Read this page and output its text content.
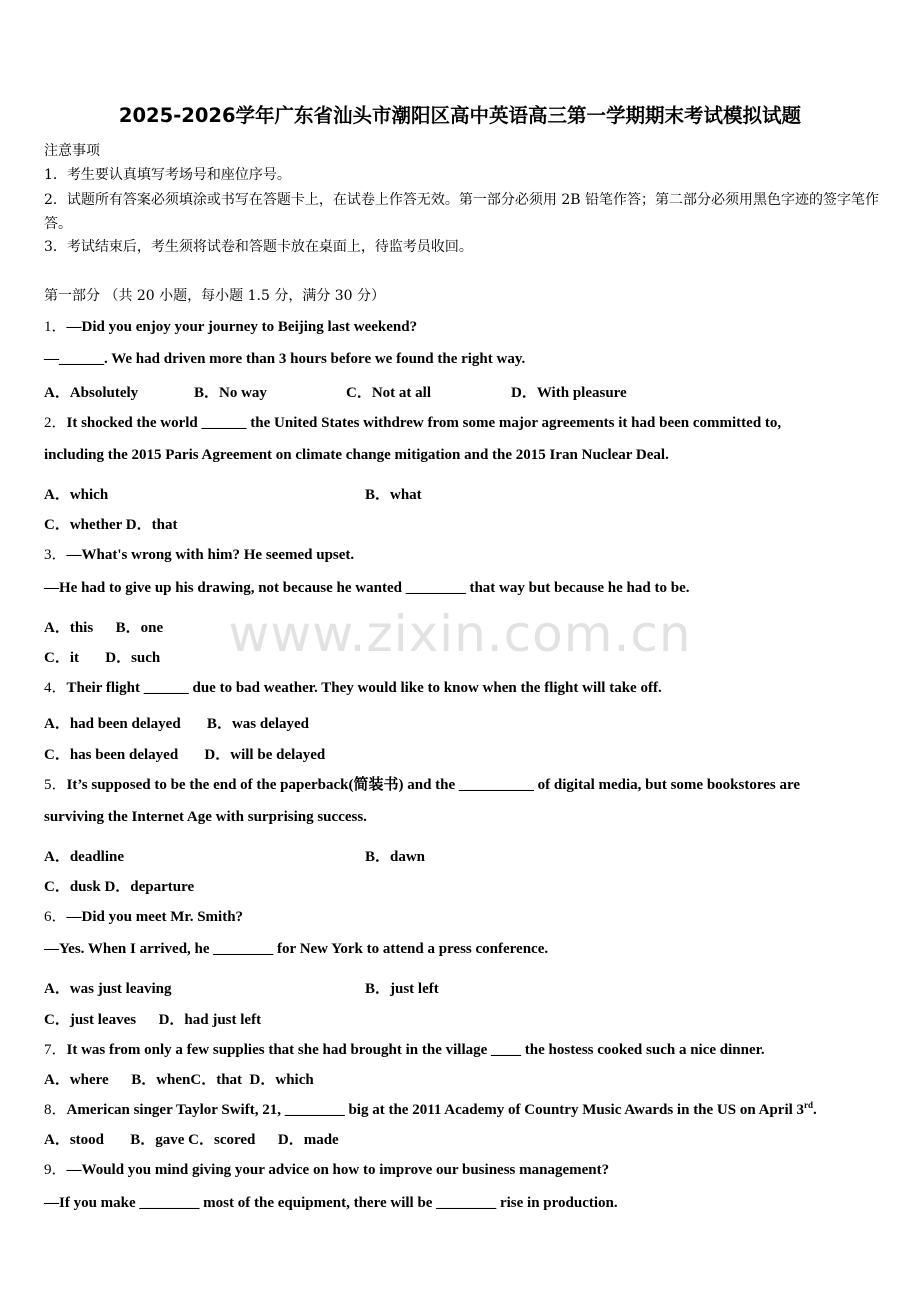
2025-2026学年广东省汕头市潮阳区高中英语高三第一学期期末考试模拟试题
注意事项
1．考生要认真填写考场号和座位序号。
2．试题所有答案必须填涂或书写在答题卡上，在试卷上作答无效。第一部分必须用 2B 铅笔作答；第二部分必须用黑色字迹的签字笔作答。
3．考试结束后，考生须将试卷和答题卡放在桌面上，待监考员收回。
第一部分 （共 20 小题，每小题 1.5 分，满分 30 分）
www.zixin.com.cn
1．—Did you enjoy your journey to Beijing last weekend?
—______. We had driven more than 3 hours before we found the right way.
A．Absolutely	B．No way	C．Not at all	D．With pleasure
2．It shocked the world ______ the United States withdrew from some major agreements it had been committed to,
including the 2015 Paris Agreement on climate change mitigation and the 2015 Iran Nuclear Deal.
A．which	B．what
C．whether D．that
3．—What's wrong with him? He seemed upset.
—He had to give up his drawing, not because he wanted ________ that way but because he had to be.
A．this      B．one
C．it       D．such
4．Their flight ______ due to bad weather. They would like to know when the flight will take off.
A．had been delayed       B．was delayed
C．has been delayed       D．will be delayed
5．It’s supposed to be the end of the paperback(简装书) and the __________ of digital media, but some bookstores are
surviving the Internet Age with surprising success.
A．deadline	B．dawn
C．dusk D．departure
6．—Did you meet Mr. Smith?
—Yes. When I arrived, he ________ for New York to attend a press conference.
A．was just leaving	B．just left
C．just leaves      D．had just left
7．It was from only a few supplies that she had brought in the village ____ the hostess cooked such a nice dinner.
A．where      B．whenC．that  D．which
8．American singer Taylor Swift, 21, ________ big at the 2011 Academy of Country Music Awards in the US on April 3rd.
A．stood       B．gave C．scored      D．made
9．—Would you mind giving your advice on how to improve our business management?
—If you make ________ most of the equipment, there will be ________ rise in production.
